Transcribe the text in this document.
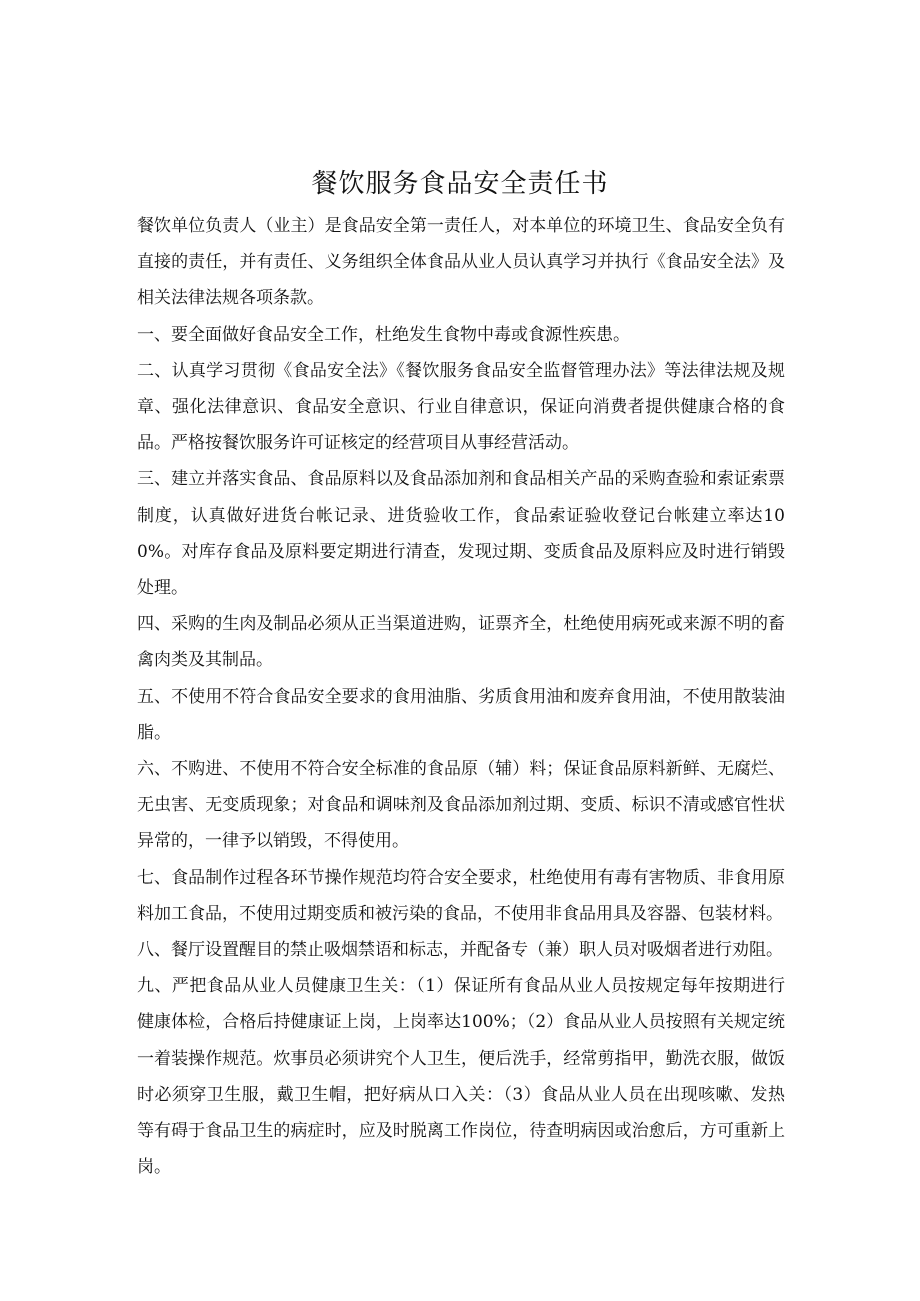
餐饮服务食品安全责任书

餐饮单位负责人（业主）是食品安全第一责任人，对本单位的环境卫生、食品安全负有直接的责任，并有责任、义务组织全体食品从业人员认真学习并执行《食品安全法》及相关法律法规各项条款。

一、要全面做好食品安全工作，杜绝发生食物中毒或食源性疾患。

二、认真学习贯彻《食品安全法》《餐饮服务食品安全监督管理办法》等法律法规及规章、强化法律意识、食品安全意识、行业自律意识，保证向消费者提供健康合格的食品。严格按餐饮服务许可证核定的经营项目从事经营活动。

三、建立并落实食品、食品原料以及食品添加剂和食品相关产品的采购查验和索证索票制度，认真做好进货台帐记录、进货验收工作，食品索证验收登记台帐建立率达100%。对库存食品及原料要定期进行清查，发现过期、变质食品及原料应及时进行销毁处理。

四、采购的生肉及制品必须从正当渠道进购，证票齐全，杜绝使用病死或来源不明的畜禽肉类及其制品。

五、不使用不符合食品安全要求的食用油脂、劣质食用油和废弃食用油，不使用散装油脂。

六、不购进、不使用不符合安全标准的食品原（辅）料；保证食品原料新鲜、无腐烂、无虫害、无变质现象；对食品和调味剂及食品添加剂过期、变质、标识不清或感官性状异常的，一律予以销毁，不得使用。

七、食品制作过程各环节操作规范均符合安全要求，杜绝使用有毒有害物质、非食用原料加工食品，不使用过期变质和被污染的食品，不使用非食品用具及容器、包装材料。

八、餐厅设置醒目的禁止吸烟禁语和标志，并配备专（兼）职人员对吸烟者进行劝阻。

九、严把食品从业人员健康卫生关：（1）保证所有食品从业人员按规定每年按期进行健康体检，合格后持健康证上岗，上岗率达100%；（2）食品从业人员按照有关规定统一着装操作规范。炊事员必须讲究个人卫生，便后洗手，经常剪指甲，勤洗衣服，做饭时必须穿卫生服，戴卫生帽，把好病从口入关：（3）食品从业人员在出现咳嗽、发热等有碍于食品卫生的病症时，应及时脱离工作岗位，待查明病因或治愈后，方可重新上岗。
